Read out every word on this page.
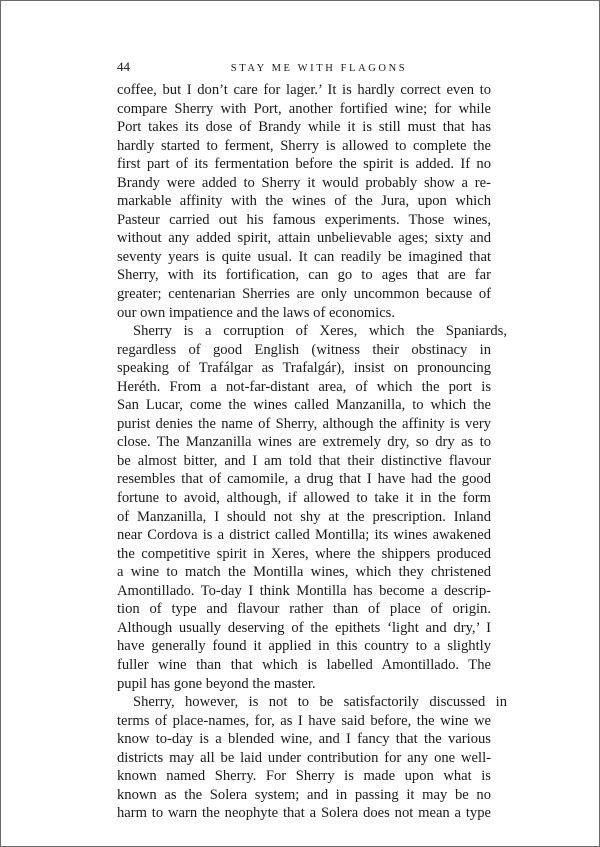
44	STAY ME WITH FLAGONS
coffee, but I don’t care for lager.’ It is hardly correct even to
compare Sherry with Port, another fortified wine; for while
Port takes its dose of Brandy while it is still must that has
hardly started to ferment, Sherry is allowed to complete the
first part of its fermentation before the spirit is added. If no
Brandy were added to Sherry it would probably show a re-
markable affinity with the wines of the Jura, upon which
Pasteur carried out his famous experiments. Those wines,
without any added spirit, attain unbelievable ages; sixty and
seventy years is quite usual. It can readily be imagined that
Sherry, with its fortification, can go to ages that are far
greater; centenarian Sherries are only uncommon because of
our own impatience and the laws of economics.
Sherry is a corruption of Xeres, which the Spaniards,
regardless of good English (witness their obstinacy in
speaking of Trafálgar as Trafalgár), insist on pronouncing
Heréth. From a not-far-distant area, of which the port is
San Lucar, come the wines called Manzanilla, to which the
purist denies the name of Sherry, although the affinity is very
close. The Manzanilla wines are extremely dry, so dry as to
be almost bitter, and I am told that their distinctive flavour
resembles that of camomile, a drug that I have had the good
fortune to avoid, although, if allowed to take it in the form
of Manzanilla, I should not shy at the prescription. Inland
near Cordova is a district called Montilla; its wines awakened
the competitive spirit in Xeres, where the shippers produced
a wine to match the Montilla wines, which they christened
Amontillado. To-day I think Montilla has become a descrip-
tion of type and flavour rather than of place of origin.
Although usually deserving of the epithets ‘light and dry,’ I
have generally found it applied in this country to a slightly
fuller wine than that which is labelled Amontillado. The
pupil has gone beyond the master.
Sherry, however, is not to be satisfactorily discussed in
terms of place-names, for, as I have said before, the wine we
know to-day is a blended wine, and I fancy that the various
districts may all be laid under contribution for any one well-
known named Sherry. For Sherry is made upon what is
known as the Solera system; and in passing it may be no
harm to warn the neophyte that a Solera does not mean a type
